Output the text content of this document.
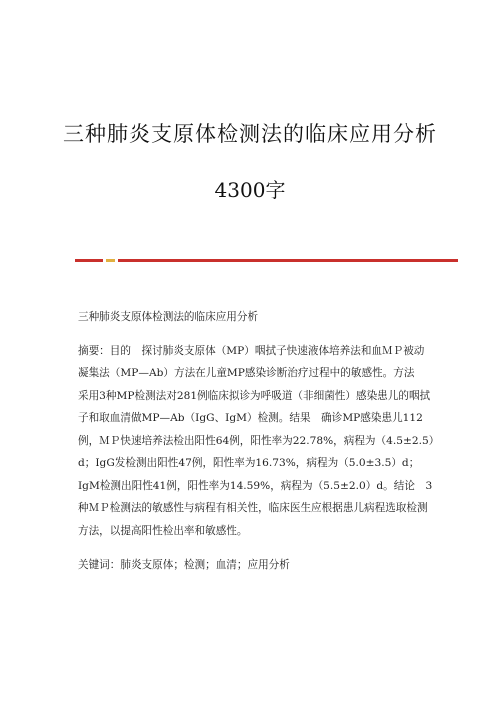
三种肺炎支原体检测法的临床应用分析
4300字

三种肺炎支原体检测法的临床应用分析

摘要：目的　探讨肺炎支原体（MP）咽拭子快速液体培养法和血ＭＰ被动凝集法（MP—Ab）方法在儿童MP感染诊断治疗过程中的敏感性。方法　采用3种MP检测法对281例临床拟诊为呼吸道（非细菌性）感染患儿的咽拭子和取血清做MP—Ab（IgG、IgM）检测。结果　确诊MP感染患儿112例，ＭＰ快速培养法检出阳性64例，阳性率为22.78%，病程为（4.5±2.5）d；IgG发检测出阳性47例，阳性率为16.73%，病程为（5.0±3.5）d；IgM检测出阳性41例，阳性率为14.59%，病程为（5.5±2.0）d。结论　3种ＭＰ检测法的敏感性与病程有相关性，临床医生应根据患儿病程选取检测方法，以提高阳性检出率和敏感性。

关键词：肺炎支原体；检测；血清；应用分析
